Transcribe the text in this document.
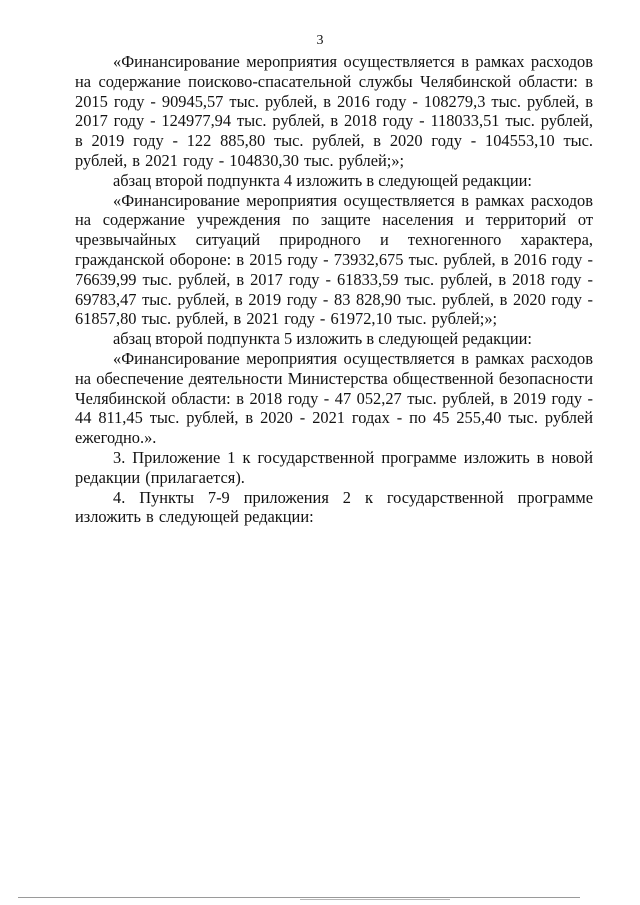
3

«Финансирование мероприятия осуществляется в рамках расходов на содержание поисково-спасательной службы Челябинской области: в 2015 году - 90945,57 тыс. рублей, в 2016 году - 108279,3 тыс. рублей, в 2017 году - 124977,94 тыс. рублей, в 2018 году - 118033,51 тыс. рублей, в 2019 году - 122 885,80 тыс. рублей, в 2020 году - 104553,10 тыс. рублей, в 2021 году - 104830,30 тыс. рублей;»;

абзац второй подпункта 4 изложить в следующей редакции:

«Финансирование мероприятия осуществляется в рамках расходов на содержание учреждения по защите населения и территорий от чрезвычайных ситуаций природного и техногенного характера, гражданской обороне: в 2015 году - 73932,675 тыс. рублей, в 2016 году - 76639,99 тыс. рублей, в 2017 году - 61833,59 тыс. рублей, в 2018 году - 69783,47 тыс. рублей, в 2019 году - 83 828,90 тыс. рублей, в 2020 году - 61857,80 тыс. рублей, в 2021 году - 61972,10 тыс. рублей;»;

абзац второй подпункта 5 изложить в следующей редакции:

«Финансирование мероприятия осуществляется в рамках расходов на обеспечение деятельности Министерства общественной безопасности Челябинской области: в 2018 году - 47 052,27 тыс. рублей, в 2019 году - 44 811,45 тыс. рублей, в 2020 - 2021 годах - по 45 255,40 тыс. рублей ежегодно.».

3. Приложение 1 к государственной программе изложить в новой редакции (прилагается).

4. Пункты 7-9 приложения 2 к государственной программе изложить в следующей редакции:
